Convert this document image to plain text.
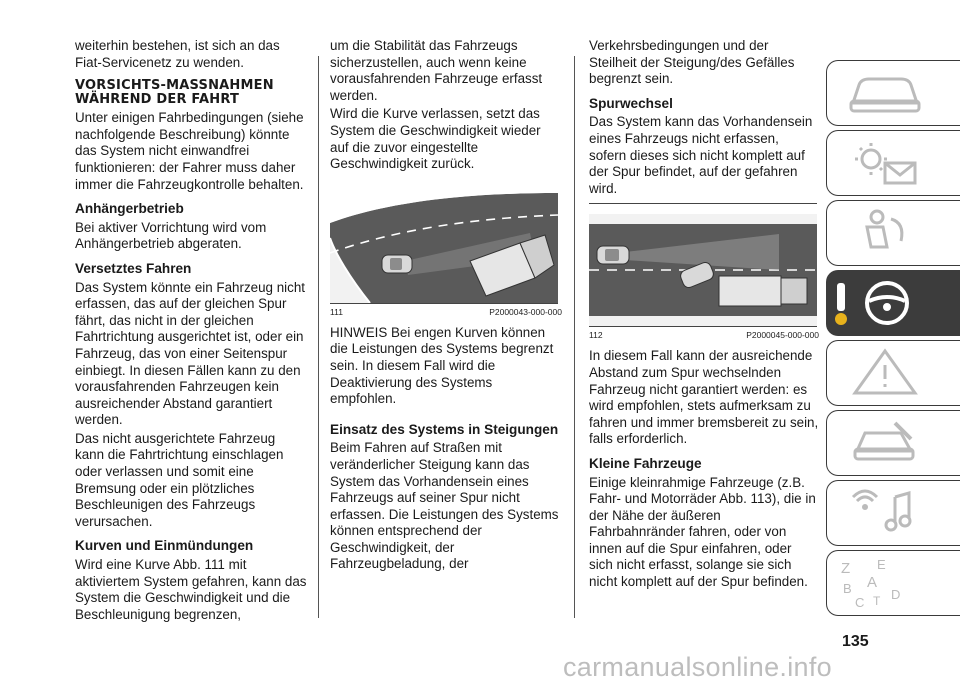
weiterhin bestehen, ist sich an das Fiat-Servicenetz zu wenden.

VORSICHTS-MASSNAHMEN WÄHREND DER FAHRT

Unter einigen Fahrbedingungen (siehe nachfolgende Beschreibung) könnte das System nicht einwandfrei funktionieren: der Fahrer muss daher immer die Fahrzeugkontrolle behalten.

Anhängerbetrieb

Bei aktiver Vorrichtung wird vom Anhängerbetrieb abgeraten.

Versetztes Fahren

Das System könnte ein Fahrzeug nicht erfassen, das auf der gleichen Spur fährt, das nicht in der gleichen Fahrtrichtung ausgerichtet ist, oder ein Fahrzeug, das von einer Seitenspur einbiegt. In diesen Fällen kann zu den vorausfahrenden Fahrzeugen kein ausreichender Abstand garantiert werden.

Das nicht ausgerichtete Fahrzeug kann die Fahrtrichtung einschlagen oder verlassen und somit eine Bremsung oder ein plötzliches Beschleunigen des Fahrzeugs verursachen.

Kurven und Einmündungen

Wird eine Kurve Abb. 111 mit aktiviertem System gefahren, kann das System die Geschwindigkeit und die Beschleunigung begrenzen,

um die Stabilität das Fahrzeugs sicherzustellen, auch wenn keine vorausfahrenden Fahrzeuge erfasst werden.

Wird die Kurve verlassen, setzt das System die Geschwindigkeit wieder auf die zuvor eingestellte Geschwindigkeit zurück.

111	P2000043-000-000

HINWEIS Bei engen Kurven können die Leistungen des Systems begrenzt sein. In diesem Fall wird die Deaktivierung des Systems empfohlen.

Einsatz des Systems in Steigungen

Beim Fahren auf Straßen mit veränderlicher Steigung kann das System das Vorhandensein eines Fahrzeugs auf seiner Spur nicht erfassen. Die Leistungen des Systems können entsprechend der Geschwindigkeit, der Fahrzeugbeladung, der

Verkehrsbedingungen und der Steilheit der Steigung/des Gefälles begrenzt sein.

Spurwechsel

Das System kann das Vorhandensein eines Fahrzeugs nicht erfassen, sofern dieses sich nicht komplett auf der Spur befindet, auf der gefahren wird.

112	P2000045-000-000

In diesem Fall kann der ausreichende Abstand zum Spur wechselnden Fahrzeug nicht garantiert werden: es wird empfohlen, stets aufmerksam zu fahren und immer bremsbereit zu sein, falls erforderlich.

Kleine Fahrzeuge

Einige kleinrahmige Fahrzeuge (z.B. Fahr- und Motorräder Abb. 113), die in der Nähe der äußeren Fahrbahnränder fahren, oder von innen auf die Spur einfahren, oder sich nicht erfasst, solange sie sich nicht komplett auf der Spur befinden.

Z E
A
B
C T D
135
carmanualsonline.info
